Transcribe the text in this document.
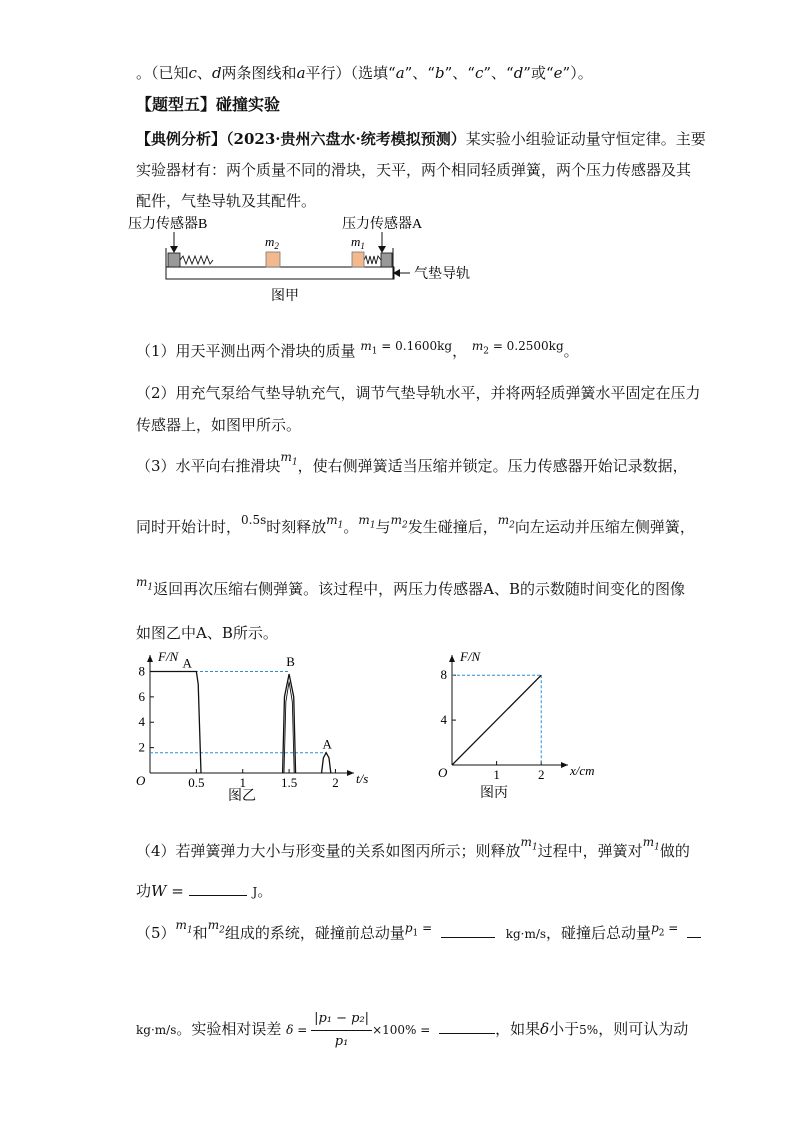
。（已知c、d两条图线和a平行）（选填“a”、“b”、“c”、“d”或“e”）。
【题型五】碰撞实验
【典例分析】（2023·贵州六盘水·统考模拟预测）某实验小组验证动量守恒定律。主要
实验器材有：两个质量不同的滑块，天平，两个相同轻质弹簧，两个压力传感器及其
配件，气垫导轨及其配件。
压力传感器B	压力传感器A
$m_2$	$m_1$
气垫导轨
图甲
（1）用天平测出两个滑块的质量 $^{m_1 = 0.1600kg}$， $^{m_2 = 0.2500kg}$。
（2）用充气泵给气垫导轨充气，调节气垫导轨水平，并将两轻质弹簧水平固定在压力
传感器上，如图甲所示。
（3）水平向右推滑块$^{m_1}$，使右侧弹簧适当压缩并锁定。压力传感器开始记录数据，
同时开始计时，$^{0.5s}$时刻释放$^{m_1}$。$^{m_1}$与$^{m_2}$发生碰撞后，$^{m_2}$向左运动并压缩左侧弹簧，
$^{m_1}$返回再次压缩右侧弹簧。该过程中，两压力传感器A、B的示数随时间变化的图像
如图乙中A、B所示。
O
F/N
t/s
0.5	1	1.5	2
2
4
6
8
A	B
A
图乙
O
F/N
x/cm
1	2
4
8
图丙
（4）若弹簧弹力大小与形变量的关系如图丙所示；则释放$^{m_1}$过程中，弹簧对$^{m_1}$做的
功W =	J。
$(5)^{m_1}$和$^{m_2}$组成的系统，碰撞前总动量$^{p_1 =}$	kg·m/s，碰撞后总动量$^{p_2 =}$
kg·m/s。实验相对误差 $\delta = \frac{\text{|p₁ − p₂|}}{\text{p₁}} \times 100\%$ =	，如果δ小于5%，则可认为动
